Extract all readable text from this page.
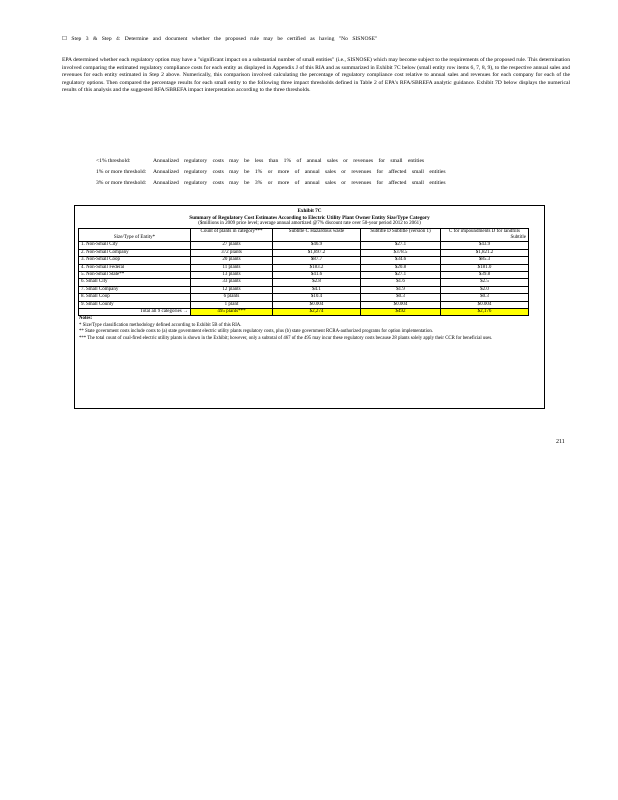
☐ Step 3 & Step 4: Determine and document whether the proposed rule may be certified as having "No SISNOSE"
EPA determined whether each regulatory option may have a "significant impact on a substantial number of small entities" (i.e., SISNOSE) which may become subject to the requirements of the proposed rule. This determination involved comparing the estimated regulatory compliance costs for each entity as displayed in Appendix J of this RIA and as summarized in Exhibit 7C below (small entity row items 6, 7, 8, 9), to the respective annual sales and revenues for each entity estimated in Step 2 above. Numerically, this comparison involved calculating the percentage of regulatory compliance cost relative to annual sales and revenues for each company for each of the regulatory options. Then compared the percentage results for each small entity to the following three impact thresholds defined in Table 2 of EPA's RFA/SBREFA analytic guidance. Exhibit 7D below displays the numerical results of this analysis and the suggested RFA/SBREFA impact interpretation according to the three thresholds.
<1% threshold:	Annualized regulatory costs may be less than 1% of annual sales or revenues for small entities
1% or more threshold:	Annualized regulatory costs may be 1% or more of annual sales or revenues for affected small entities
3% or more threshold:	Annualized regulatory costs may be 3% or more of annual sales or revenues for affected small entities
Exhibit 7C
Summary of Regulatory Cost Estimates According to Electric Utility Plant Owner Entity Size/Type Category
($millions in 2009 price level; average annual amortized @7% discount rate over 50-year period 2012 to 2061)
Size/Type of Entity*	Count of plants in category***	Subtitle C Hazardous waste	Subtitle D Subtitle (version 1)	C for impoundments D for landfills
Subtitle

1. Non-Small City	27 plants	$46.9	$27.1	$43.9
2. Non-Small Company	372 plants	$1,897.2	$378.5	$1,821.2
3. Non-Small Coop	20 plants	$87.7	$34.6	$85.3
4. Non-Small Federal	11 plants	$183.2	$20.8	$181.0
5. Non-Small State**	13 plants	$41.6	$27.1	$39.8
6. Small City	33 plants	$2.8	$1.6	$2.5
7. Small Company	12 plants	$4.1	$1.9	$2.0
8. Small Coop	6 plants	$10.4	$0.3	$0.3
9. Small County	1 plant	$0.004	$0.004	$0.004
Total all 9 categories →	495 plants***	$2,274	$492	$2,176
Notes:
* Size/Type classification methodology defined according to Exhibit 5B of this RIA.
** State government costs include costs to (a) state government electric utility plants regulatory costs, plus (b) state government RCRA-authorized programs for option implementation.
*** The total count of coal-fired electric utility plants is shown in the Exhibit; however, only a subtotal of 467 of the 495 may incur these regulatory costs because 28 plants solely apply their CCR for beneficial uses.
211
